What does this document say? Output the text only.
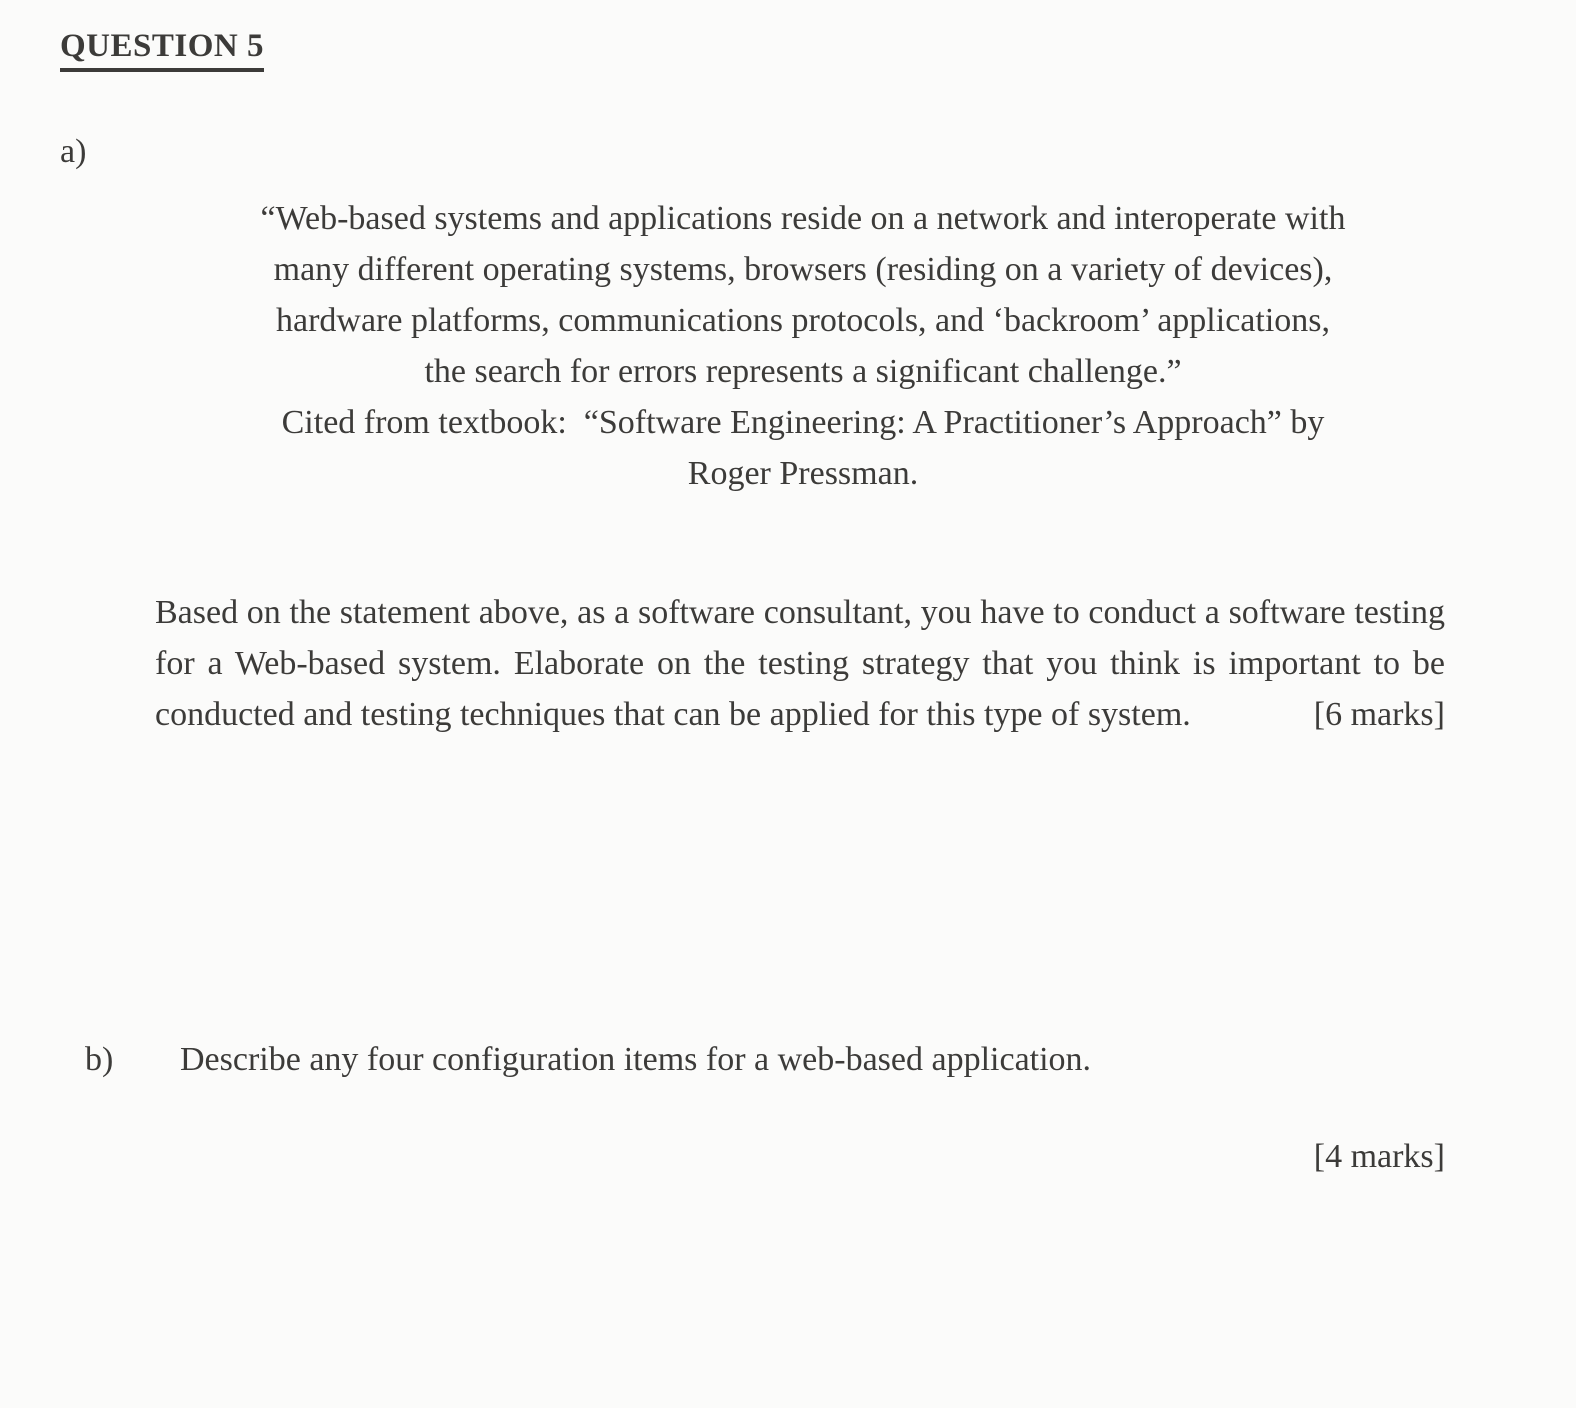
QUESTION 5
a)
“Web-based systems and applications reside on a network and interoperate with
many different operating systems, browsers (residing on a variety of devices),
hardware platforms, communications protocols, and ‘backroom’ applications,
the search for errors represents a significant challenge.”
Cited from textbook:  “Software Engineering: A Practitioner’s Approach” by
Roger Pressman.

Based on the statement above, as a software consultant, you have to conduct a software testing for a Web-based system. Elaborate on the testing strategy that you think is important to be conducted and testing techniques that can be applied for this type of system.	[6 marks]
b)	Describe any four configuration items for a web-based application.
[4 marks]
